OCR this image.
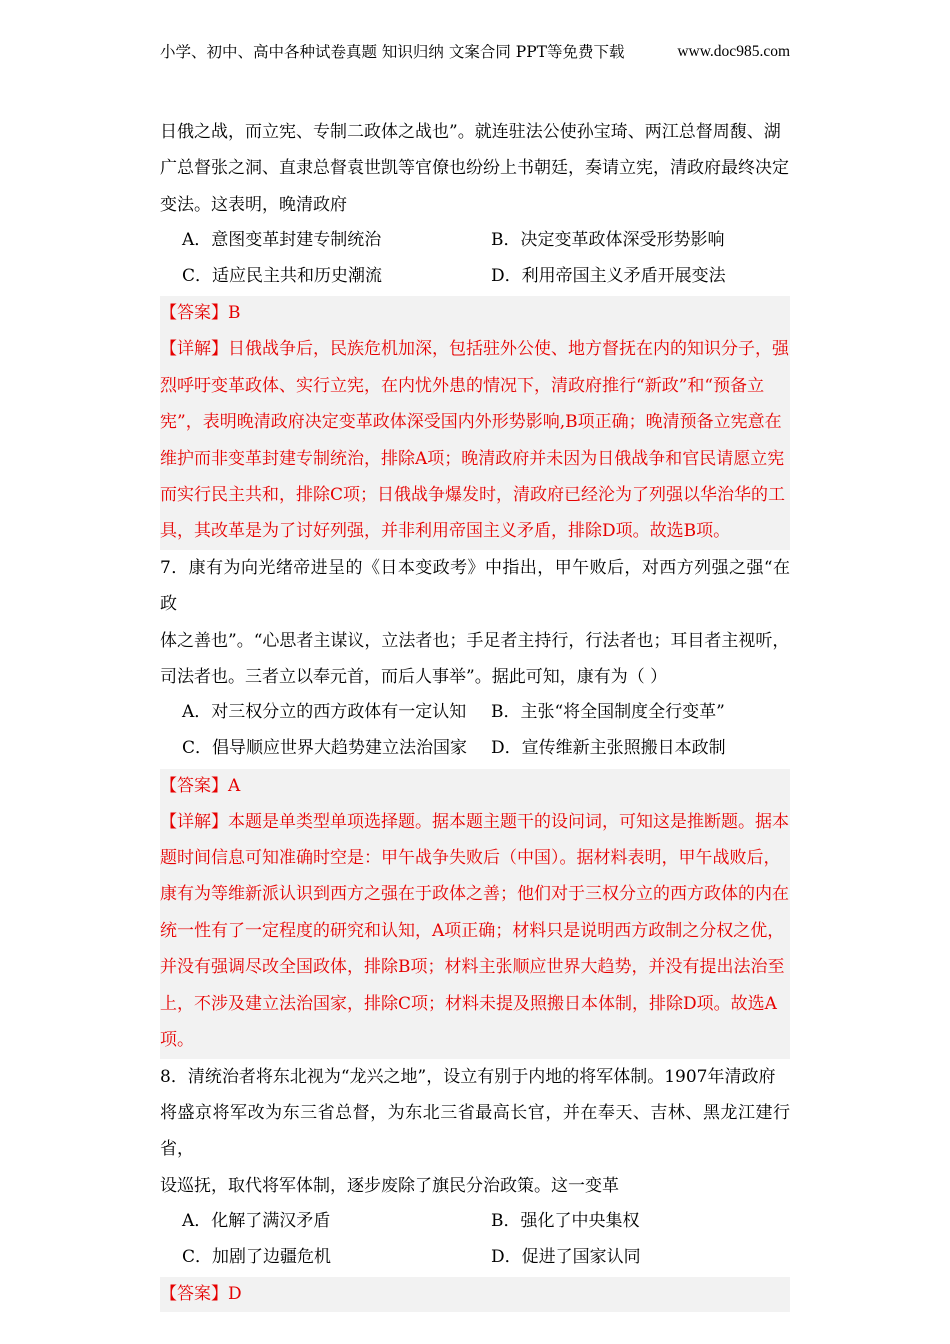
小学、初中、高中各种试卷真题 知识归纳 文案合同 PPT等免费下载	www.doc985.com

日俄之战，而立宪、专制二政体之战也”。就连驻法公使孙宝琦、两江总督周馥、湖

广总督张之洞、直隶总督袁世凯等官僚也纷纷上书朝廷，奏请立宪，清政府最终决定

变法。这表明，晚清政府

A．意图变革封建专制统治	B．决定变革政体深受形势影响
C．适应民主共和历史潮流	D．利用帝国主义矛盾开展变法

【答案】B

【详解】日俄战争后，民族危机加深，包括驻外公使、地方督抚在内的知识分子，强

烈呼吁变革政体、实行立宪，在内忧外患的情况下，清政府推行“新政”和“预备立

宪”，表明晚清政府决定变革政体深受国内外形势影响,B项正确；晚清预备立宪意在

维护而非变革封建专制统治，排除A项；晚清政府并未因为日俄战争和官民请愿立宪

而实行民主共和，排除C项；日俄战争爆发时，清政府已经沦为了列强以华治华的工

具，其改革是为了讨好列强，并非利用帝国主义矛盾，排除D项。故选B项。

7．康有为向光绪帝进呈的《日本变政考》中指出，甲午败后，对西方列强之强“在政

体之善也”。“心思者主谋议，立法者也；手足者主持行，行法者也；耳目者主视听，

司法者也。三者立以奉元首，而后人事举”。据此可知，康有为（ ）

A．对三权分立的西方政体有一定认知 B．主张“将全国制度全行变革”
C．倡导顺应世界大趋势建立法治国家 D．宣传维新主张照搬日本政制

【答案】A

【详解】本题是单类型单项选择题。据本题主题干的设问词，可知这是推断题。据本

题时间信息可知准确时空是：甲午战争失败后（中国）。据材料表明，甲午战败后，

康有为等维新派认识到西方之强在于政体之善；他们对于三权分立的西方政体的内在

统一性有了一定程度的研究和认知，A项正确；材料只是说明西方政制之分权之优，

并没有强调尽改全国政体，排除B项；材料主张顺应世界大趋势，并没有提出法治至

上，不涉及建立法治国家，排除C项；材料未提及照搬日本体制，排除D项。故选A

项。

8．清统治者将东北视为“龙兴之地”，设立有别于内地的将军体制。1907年清政府

将盛京将军改为东三省总督，为东北三省最高长官，并在奉天、吉林、黑龙江建行省，

设巡抚，取代将军体制，逐步废除了旗民分治政策。这一变革

A．化解了满汉矛盾	B．强化了中央集权
C．加剧了边疆危机	D．促进了国家认同

【答案】D
